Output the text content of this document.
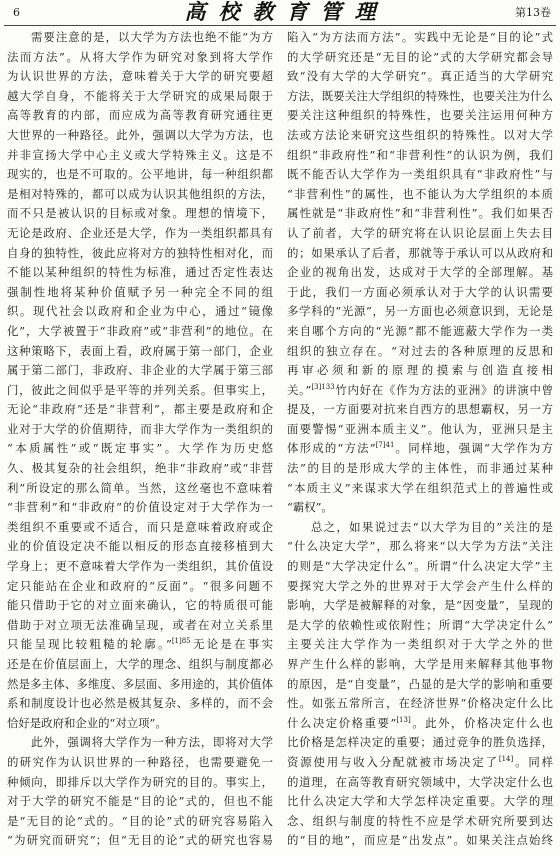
6	高校教育管理	第13卷
需要注意的是，以大学为方法也绝不能“为方
法而方法”。从将大学作为研究对象到将大学作
为认识世界的方法，意味着关于大学的研究要超
越大学自身，不能将关于大学研究的成果局限于
高等教育的内部，而应成为高等教育研究通往更
大世界的一种路径。此外，强调以大学为方法，也
并非宣扬大学中心主义或大学特殊主义。这是不
现实的，也是不可取的。公平地讲，每一种组织都
是相对特殊的，都可以成为认识其他组织的方法，
而不只是被认识的目标或对象。理想的情境下，
无论是政府、企业还是大学，作为一类组织都具有
自身的独特性，彼此应将对方的独特性相对化，而
不能以某种组织的特性为标准，通过否定性表达
强制性地将某种价值赋予另一种完全不同的组
织。现代社会以政府和企业为中心，通过“镜像
化”，大学被置于“非政府”或“非营利”的地位。在
这种策略下，表面上看，政府属于第一部门，企业
属于第二部门，非政府、非企业的大学属于第三部
门，彼此之间似乎是平等的并列关系。但事实上，
无论“非政府”还是“非营利”，都主要是政府和企
业对于大学的价值期待，而非大学作为一类组织的
“本质属性”或“既定事实”。大学作为历史悠
久、极其复杂的社会组织，绝非“非政府”或“非营
利”所设定的那么简单。当然，这丝毫也不意味着
“非营利”和“非政府”的价值设定对于大学作为一
类组织不重要或不适合，而只是意味着政府或企
业的价值设定决不能以相反的形态直接移植到大
学身上；更不意味着大学作为一类组织，其价值设
定只能站在企业和政府的“反面”。“很多问题不
能只借助于它的对立面来确认，它的特质很可能
借助于对立项无法准确呈现，或者在对立关系里
只能呈现比较粗糙的轮廓。”$^{[1]85}$无论是在事实
还是在价值层面上，大学的理念、组织与制度都必
然是多主体、多维度、多层面、多用途的，其价值体
系和制度设计也必然是极其复杂、多样的，而不会
恰好是政府和企业的“对立项”。
此外，强调将大学作为一种方法，即将对大学
的研究作为认识世界的一种路径，也需要避免一
种倾向，即排斥以大学作为研究的目的。事实上，
对于大学的研究不能是“目的论”式的，但也不能
是“无目的论”式的。“目的论”式的研究容易陷入
“为研究而研究”；但“无目的论”式的研究也容易
陷入“为方法而方法”。实践中无论是“目的论”式
的大学研究还是“无目的论”式的大学研究都会导
致“没有大学的大学研究”。真正适当的大学研究
方法，既要关注大学组织的特殊性，也要关注为什么
要关注这种组织的特殊性，也要关注运用何种方
法或方法论来研究这些组织的特殊性。以对大学
组织“非政府性”和“非营利性”的认识为例，我们
既不能否认大学作为一类组织具有“非政府性”与
“非营利性”的属性，也不能认为大学组织的本质
属性就是“非政府性”和“非营利性”。我们如果否
认了前者，大学的研究将在认识论层面上失去目
的；如果承认了后者，那就等于承认可以从政府和
企业的视角出发，达成对于大学的全部理解。基
于此，我们一方面必须承认对于大学的认识需要
多学科的“光源”，另一方面也必须意识到，无论是
来自哪个方向的“光源”都不能遮蔽大学作为一类
组织的独立存在。“对过去的各种原理的反思和
再审必须和新的原理的摸索与创造直接相
关。”$^{[3]133}$竹内好在《作为方法的亚洲》的讲演中曾
提及，一方面要对抗来自西方的思想霸权，另一方
面要警惕“亚洲本质主义”。他认为，亚洲只是主
体形成的“方法”$^{[7]41}$。同样地，强调“大学作为方
法”的目的是形成大学的主体性，而非通过某种
“本质主义”来谋求大学在组织范式上的普遍性或
“霸权”。
总之，如果说过去“以大学为目的”关注的是
“什么决定大学”，那么将来“以大学为方法”关注
的则是“大学决定什么”。所谓“什么决定大学”主
要探究大学之外的世界对于大学会产生什么样的
影响，大学是被解释的对象，是“因变量”，呈现的
是大学的依赖性或依附性；所谓“大学决定什么”
主要关注大学作为一类组织对于大学之外的世
界产生什么样的影响，大学是用来解释其他事物
的原因，是“自变量”，凸显的是大学的影响和重要
性。如张五常所言，在经济世界“价格决定什么比
什么决定价格重要”[13]。此外，价格决定什么也
比价格是怎样决定的重要；通过竞争的胜负选择，
资源使用与收入分配就被市场决定了[14]。同样
的道理，在高等教育研究领域中，大学决定什么也
比什么决定大学和大学怎样决定重要。大学的理
念、组织与制度的特性不应是学术研究所要到达
的“目的地”，而应是“出发点”。如果关注点始终
